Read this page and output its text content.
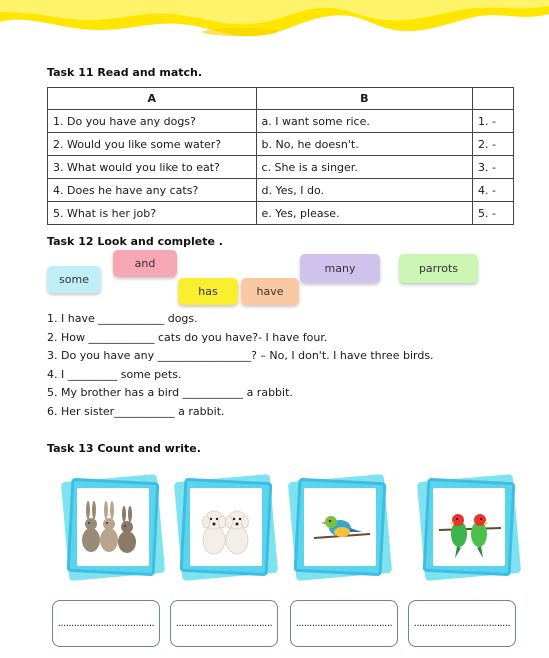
Task 11 Read and match.
A	B	
1. Do you have any dogs?	a. I want some rice.	1. -
2. Would you like some water?	b. No, he doesn't.	2. -
3. What would you like to eat?	c. She is a singer.	3. -
4. Does he have any cats?	d. Yes, I do.	4. -
5. What is her job?	e. Yes, please.	5. -
Task 12 Look and complete .
some
and
has	have
many	parrots
1. I have ____________ dogs.
2. How ____________ cats do you have?- I have four.
3. Do you have any _________________? – No, I don't. I have three birds.
4. I _________ some pets.
5. My brother has a bird ___________ a rabbit.
6. Her sister___________ a rabbit.
Task 13 Count and write.
....................................	....................................	....................................	....................................
